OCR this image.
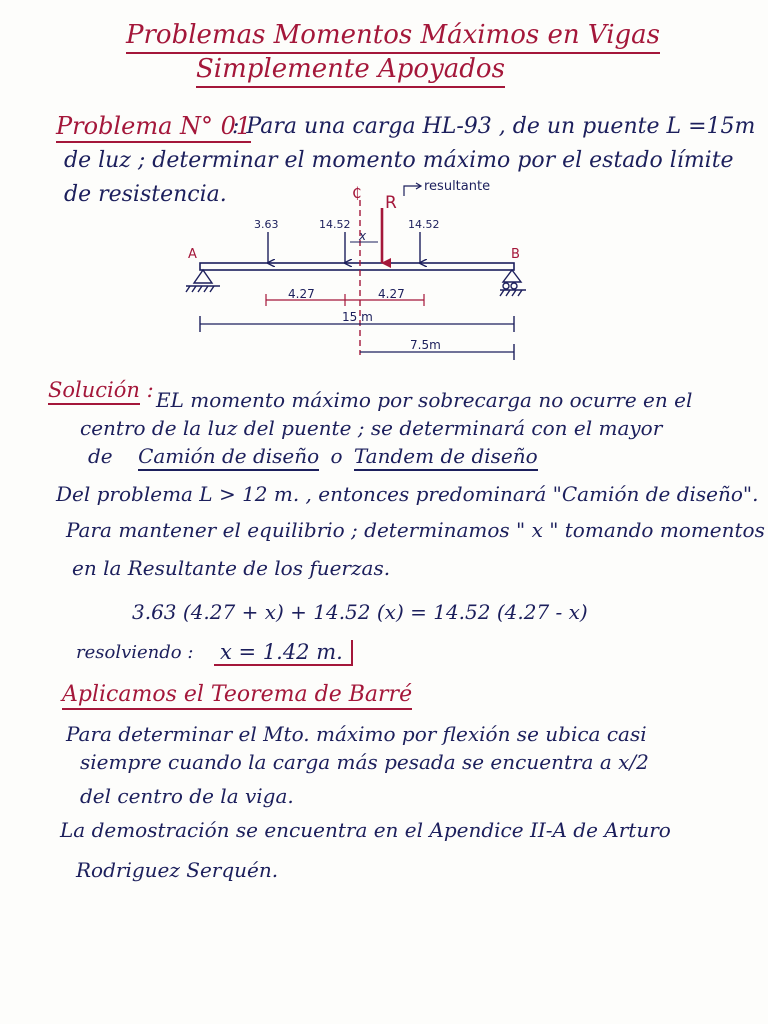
Problemas Momentos Máximos en Vigas
Simplemente Apoyados
Problema N° 01
: Para una carga HL-93 , de un puente L =15m
de luz ; determinar el momento máximo por el estado límite
de resistencia.
A	B
3.63	14.52	14.52
₵ R
resultante
x
4.27	4.27
15 m
7.5m
Solución : EL momento máximo por sobrecarga no ocurre en el
centro de la luz del puente ; se determinará con el mayor
de Camión de diseño o Tandem de diseño
Del problema L > 12 m. , entonces predominará "Camión de diseño".
Para mantener el equilibrio ; determinamos " x " tomando momentos
en la Resultante de los fuerzas.
3.63 (4.27 + x) + 14.52 (x) = 14.52 (4.27 - x)
resolviendo : x = 1.42 m.
Aplicamos el Teorema de Barré
Para determinar el Mto. máximo por flexión se ubica casi
siempre cuando la carga más pesada se encuentra a x/2
del centro de la viga.
La demostración se encuentra en el Apendice II-A de Arturo
Rodriguez Serquén.
